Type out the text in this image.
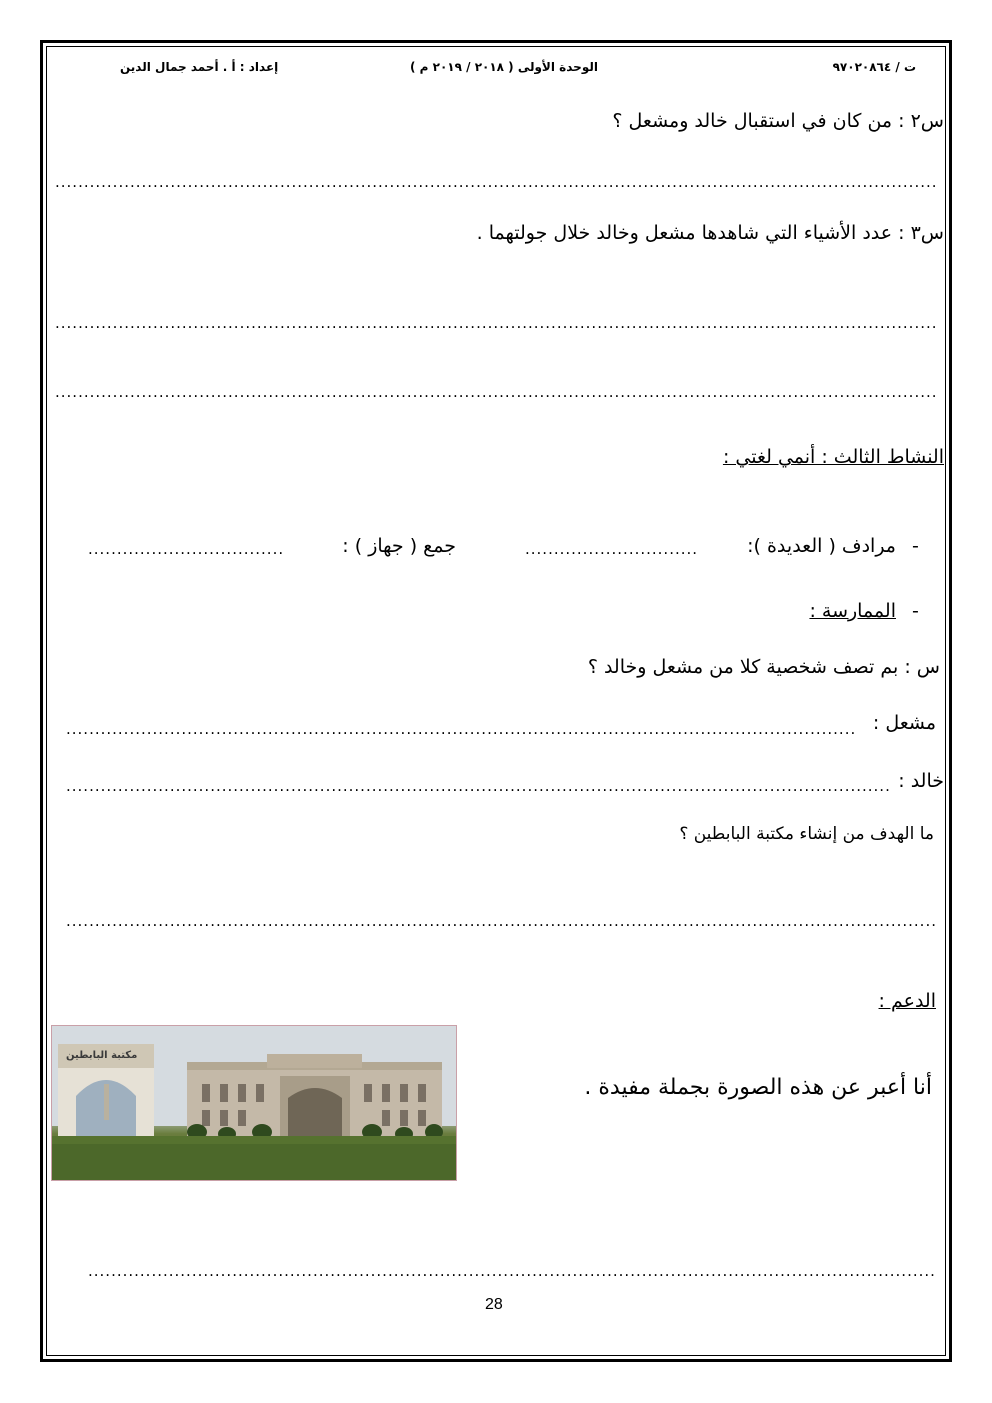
ت / ٩٧٠٢٠٨٦٤
الوحدة الأولى ( ٢٠١٨ / ٢٠١٩ م )
إعداد : أ . أحمد جمال الدين
س٢ : من كان في استقبال خالد ومشعل ؟
.........................................................................................................................................................
س٣ : عدد الأشياء التي شاهدها مشعل وخالد خلال جولتهما .
.........................................................................................................................................................
.........................................................................................................................................................
النشاط الثالث : أنمي لغتي :
-
مرادف ( العديدة ):
..............................
جمع ( جهاز ) :
..................................
-
الممارسة :
س : بم تصف شخصية كلا من مشعل وخالد ؟
مشعل :
.........................................................................................................................................
خالد :
...............................................................................................................................................
ما الهدف من إنشاء مكتبة البابطين ؟
.......................................................................................................................................................
الدعم :
مكتبة البابطين
أنا أعبر عن هذه الصورة بجملة مفيدة .
...................................................................................................................................................
28
